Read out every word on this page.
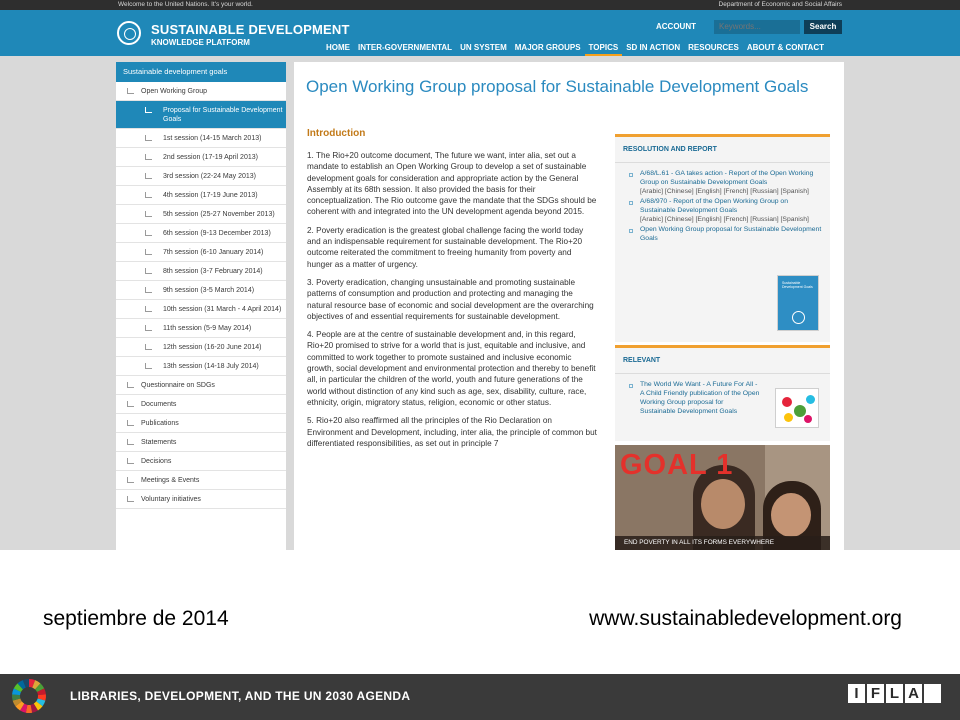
Welcome to the United Nations. It's your world.	Department of Economic and Social Affairs
SUSTAINABLE DEVELOPMENT
KNOWLEDGE PLATFORM
ACCOUNT
Keywords...	Search
HOME	INTER-GOVERNMENTAL	UN SYSTEM	MAJOR GROUPS	TOPICS	SD IN ACTION	RESOURCES	ABOUT & CONTACT
Sustainable development goals
Open Working Group
Proposal for Sustainable Development Goals
1st session (14-15 March 2013)
2nd session (17-19 April 2013)
3rd session (22-24 May 2013)
4th session (17-19 June 2013)
5th session (25-27 November 2013)
6th session (9-13 December 2013)
7th session (6-10 January 2014)
8th session (3-7 February 2014)
9th session (3-5 March 2014)
10th session (31 March - 4 April 2014)
11th session (5-9 May 2014)
12th session (16-20 June 2014)
13th session (14-18 July 2014)
Questionnaire on SDGs
Documents
Publications
Statements
Decisions
Meetings & Events
Voluntary initiatives
Open Working Group proposal for Sustainable Development Goals
Introduction

1. The Rio+20 outcome document, The future we want, inter alia, set out a mandate to establish an Open Working Group to develop a set of sustainable development goals for consideration and appropriate action by the General Assembly at its 68th session. It also provided the basis for their conceptualization. The Rio outcome gave the mandate that the SDGs should be coherent with and integrated into the UN development agenda beyond 2015.

2. Poverty eradication is the greatest global challenge facing the world today and an indispensable requirement for sustainable development. The Rio+20 outcome reiterated the commitment to freeing humanity from poverty and hunger as a matter of urgency.

3. Poverty eradication, changing unsustainable and promoting sustainable patterns of consumption and production and protecting and managing the natural resource base of economic and social development are the overarching objectives of and essential requirements for sustainable development.

4. People are at the centre of sustainable development and, in this regard, Rio+20 promised to strive for a world that is just, equitable and inclusive, and committed to work together to promote sustained and inclusive economic growth, social development and environmental protection and thereby to benefit all, in particular the children of the world, youth and future generations of the world without distinction of any kind such as age, sex, disability, culture, race, ethnicity, origin, migratory status, religion, economic or other status.

5. Rio+20 also reaffirmed all the principles of the Rio Declaration on Environment and Development, including, inter alia, the principle of common but differentiated responsibilities, as set out in principle 7

RESOLUTION AND REPORT
A/68/L.61 - GA takes action - Report of the Open Working Group on Sustainable Development Goals
[Arabic] [Chinese] [English] [French] [Russian] [Spanish]
A/68/970 - Report of the Open Working Group on Sustainable Development Goals
[Arabic] [Chinese] [English] [French] [Russian] [Spanish]
Open Working Group proposal for Sustainable Development Goals
Sustainable Development Goals
RELEVANT
The World We Want - A Future For All - A Child Friendly publication of the Open Working Group proposal for Sustainable Development Goals
GOAL 1
END POVERTY IN ALL ITS FORMS EVERYWHERE
septiembre de 2014	www.sustainabledevelopment.org
LIBRARIES, DEVELOPMENT, AND THE UN 2030 AGENDA	I F L A
